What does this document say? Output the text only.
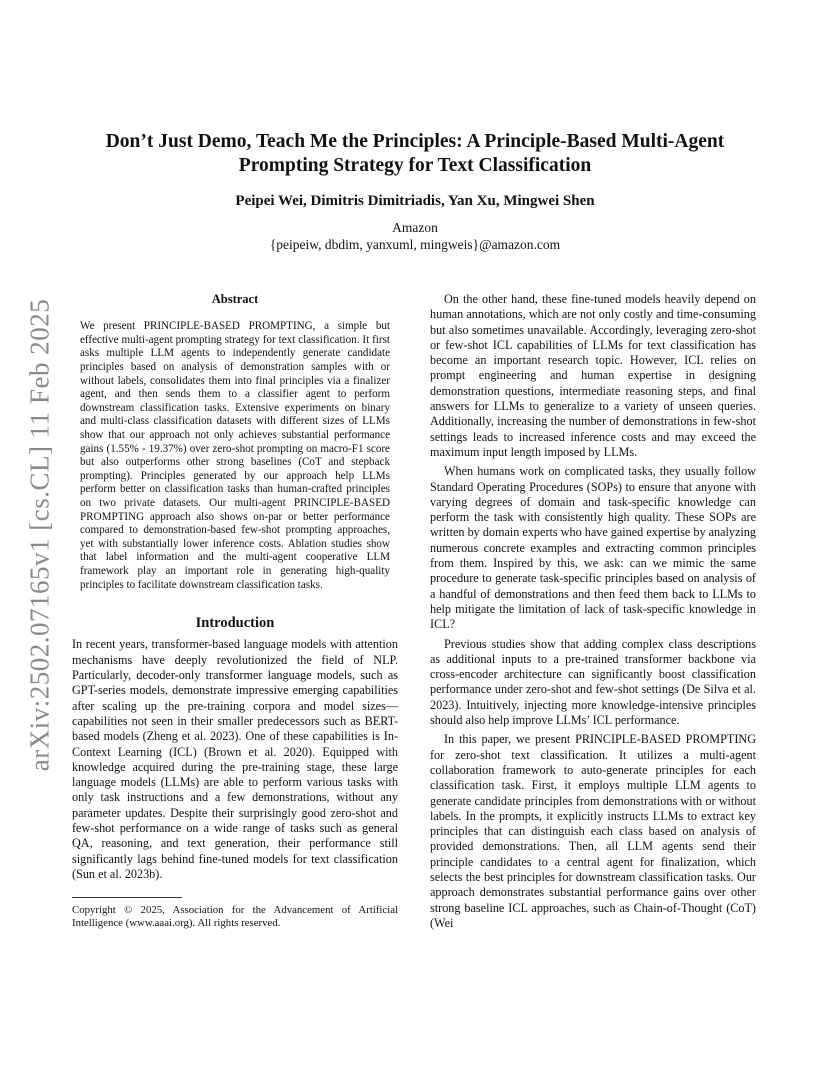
arXiv:2502.07165v1 [cs.CL] 11 Feb 2025
Don’t Just Demo, Teach Me the Principles: A Principle-Based Multi-Agent
Prompting Strategy for Text Classification
Peipei Wei, Dimitris Dimitriadis, Yan Xu, Mingwei Shen
Amazon
{peipeiw, dbdim, yanxuml, mingweis}@amazon.com

Abstract

We present PRINCIPLE-BASED PROMPTING, a simple but effective multi-agent prompting strategy for text classification. It first asks multiple LLM agents to independently generate candidate principles based on analysis of demonstration samples with or without labels, consolidates them into final principles via a finalizer agent, and then sends them to a classifier agent to perform downstream classification tasks. Extensive experiments on binary and multi-class classification datasets with different sizes of LLMs show that our approach not only achieves substantial performance gains (1.55% - 19.37%) over zero-shot prompting on macro-F1 score but also outperforms other strong baselines (CoT and stepback prompting). Principles generated by our approach help LLMs perform better on classification tasks than human-crafted principles on two private datasets. Our multi-agent PRINCIPLE-BASED PROMPTING approach also shows on-par or better performance compared to demonstration-based few-shot prompting approaches, yet with substantially lower inference costs. Ablation studies show that label information and the multi-agent cooperative LLM framework play an important role in generating high-quality principles to facilitate downstream classification tasks.

Introduction

In recent years, transformer-based language models with attention mechanisms have deeply revolutionized the field of NLP. Particularly, decoder-only transformer language models, such as GPT-series models, demonstrate impressive emerging capabilities after scaling up the pre-training corpora and model sizes—capabilities not seen in their smaller predecessors such as BERT-based models (Zheng et al. 2023). One of these capabilities is In-Context Learning (ICL) (Brown et al. 2020). Equipped with knowledge acquired during the pre-training stage, these large language models (LLMs) are able to perform various tasks with only task instructions and a few demonstrations, without any parameter updates. Despite their surprisingly good zero-shot and few-shot performance on a wide range of tasks such as general QA, reasoning, and text generation, their performance still significantly lags behind fine-tuned models for text classification (Sun et al. 2023b).

Copyright © 2025, Association for the Advancement of Artificial Intelligence (www.aaai.org). All rights reserved.

On the other hand, these fine-tuned models heavily depend on human annotations, which are not only costly and time-consuming but also sometimes unavailable. Accordingly, leveraging zero-shot or few-shot ICL capabilities of LLMs for text classification has become an important research topic. However, ICL relies on prompt engineering and human expertise in designing demonstration questions, intermediate reasoning steps, and final answers for LLMs to generalize to a variety of unseen queries. Additionally, increasing the number of demonstrations in few-shot settings leads to increased inference costs and may exceed the maximum input length imposed by LLMs.

When humans work on complicated tasks, they usually follow Standard Operating Procedures (SOPs) to ensure that anyone with varying degrees of domain and task-specific knowledge can perform the task with consistently high quality. These SOPs are written by domain experts who have gained expertise by analyzing numerous concrete examples and extracting common principles from them. Inspired by this, we ask: can we mimic the same procedure to generate task-specific principles based on analysis of a handful of demonstrations and then feed them back to LLMs to help mitigate the limitation of lack of task-specific knowledge in ICL?

Previous studies show that adding complex class descriptions as additional inputs to a pre-trained transformer backbone via cross-encoder architecture can significantly boost classification performance under zero-shot and few-shot settings (De Silva et al. 2023). Intuitively, injecting more knowledge-intensive principles should also help improve LLMs’ ICL performance.

In this paper, we present PRINCIPLE-BASED PROMPTING for zero-shot text classification. It utilizes a multi-agent collaboration framework to auto-generate principles for each classification task. First, it employs multiple LLM agents to generate candidate principles from demonstrations with or without labels. In the prompts, it explicitly instructs LLMs to extract key principles that can distinguish each class based on analysis of provided demonstrations. Then, all LLM agents send their principle candidates to a central agent for finalization, which selects the best principles for downstream classification tasks. Our approach demonstrates substantial performance gains over other strong baseline ICL approaches, such as Chain-of-Thought (CoT) (Wei
